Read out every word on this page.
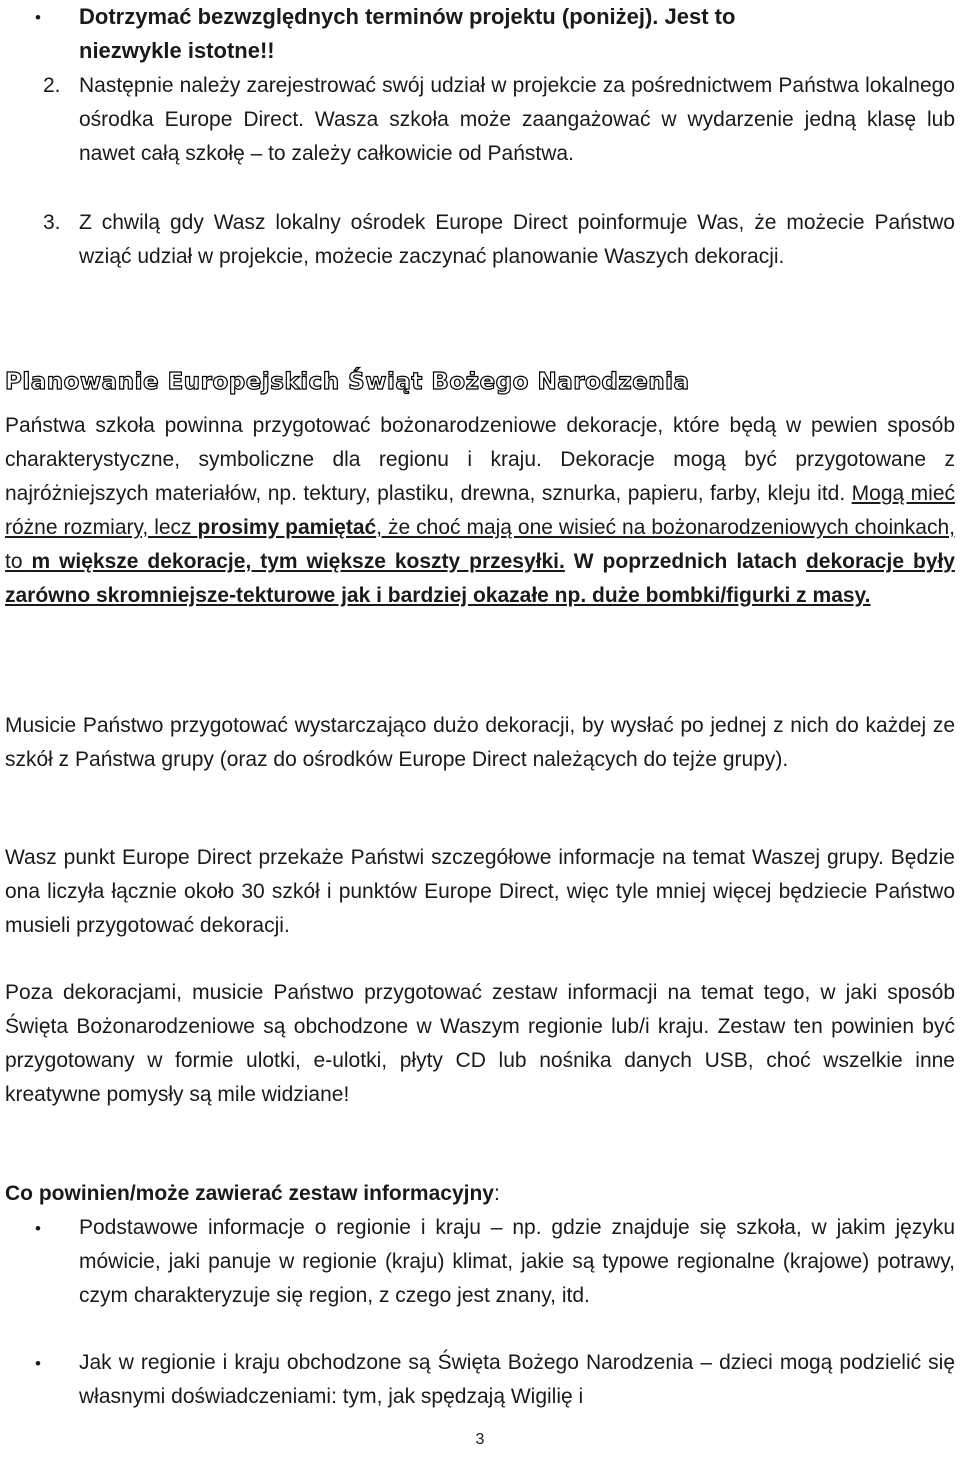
•	Dotrzymać bezwzględnych terminów projektu (poniżej). Jest to
niezwykle istotne!!
2. Następnie należy zarejestrować swój udział w projekcie za pośrednictwem Państwa lokalnego ośrodka Europe Direct. Wasza szkoła może zaangażować w wydarzenie jedną klasę lub nawet całą szkołę – to zależy całkowicie od Państwa.
3. Z chwilą gdy Wasz lokalny ośrodek Europe Direct poinformuje Was, że możecie Państwo wziąć udział w projekcie, możecie zaczynać planowanie Waszych dekoracji.
Planowanie Europejskich Świąt Bożego Narodzenia
Państwa szkoła powinna przygotować bożonarodzeniowe dekoracje, które będą w pewien sposób charakterystyczne, symboliczne dla regionu i kraju. Dekoracje mogą być przygotowane z najróżniejszych materiałów, np. tektury, plastiku, drewna, sznurka, papieru, farby, kleju itd. Mogą mieć różne rozmiary, lecz prosimy pamiętać, że choć mają one wisieć na bożonarodzeniowych choinkach, to m większe dekoracje, tym większe koszty przesyłki. W poprzednich latach dekoracje były zarówno skromniejsze-tekturowe jak i bardziej okazałe np. duże bombki/figurki z masy.
Musicie Państwo przygotować wystarczająco dużo dekoracji, by wysłać po jednej z nich do każdej ze szkół z Państwa grupy (oraz do ośrodków Europe Direct należących do tejże grupy).
Wasz punkt Europe Direct przekaże Państwi szczegółowe informacje na temat Waszej grupy. Będzie ona liczyła łącznie około 30 szkół i punktów Europe Direct, więc tyle mniej więcej będziecie Państwo musieli przygotować dekoracji.
Poza dekoracjami, musicie Państwo przygotować zestaw informacji na temat tego, w jaki sposób Święta Bożonarodzeniowe są obchodzone w Waszym regionie lub/i kraju. Zestaw ten powinien być przygotowany w formie ulotki, e-ulotki, płyty CD lub nośnika danych USB, choć wszelkie inne kreatywne pomysły są mile widziane!
Co powinien/może zawierać zestaw informacyjny:
•	Podstawowe informacje o regionie i kraju – np. gdzie znajduje się szkoła, w jakim języku mówicie, jaki panuje w regionie (kraju) klimat, jakie są typowe regionalne (krajowe) potrawy, czym charakteryzuje się region, z czego jest znany, itd.
•	Jak w regionie i kraju obchodzone są Święta Bożego Narodzenia – dzieci mogą podzielić się własnymi doświadczeniami: tym, jak spędzają Wigilię i
3
